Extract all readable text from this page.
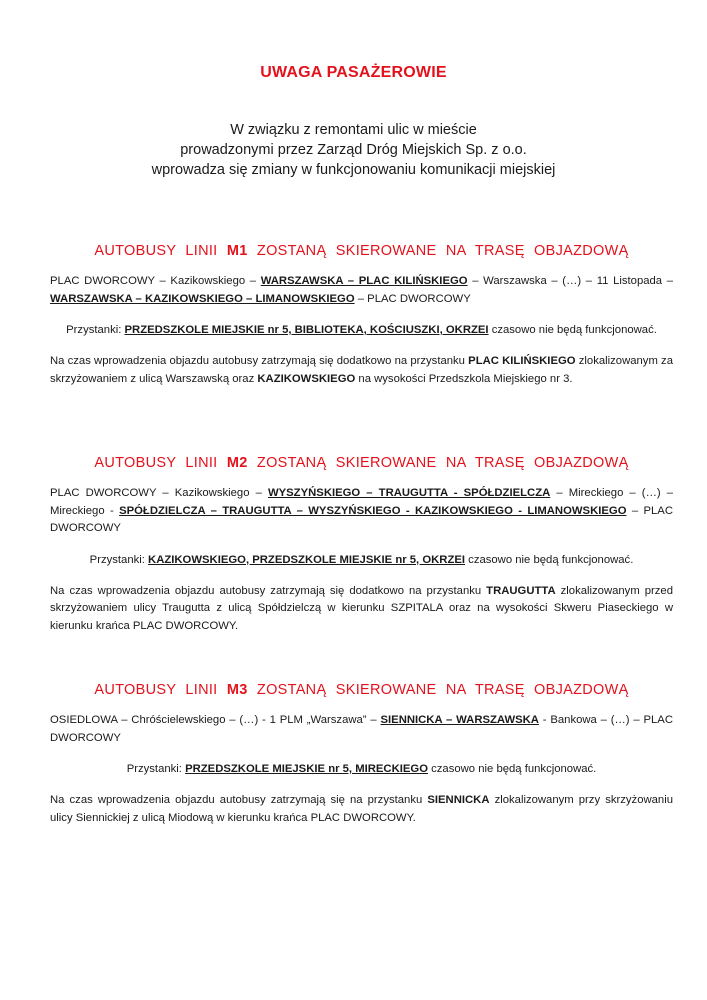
UWAGA PASAŻEROWIE
W związku z remontami ulic w mieście
prowadzonymi przez Zarząd Dróg Miejskich Sp. z o.o.
wprowadza się zmiany w funkcjonowaniu komunikacji miejskiej
AUTOBUSY LINII M1 ZOSTANĄ SKIEROWANE NA TRASĘ OBJAZDOWĄ
PLAC DWORCOWY – Kazikowskiego – WARSZAWSKA – PLAC KILIŃSKIEGO – Warszawska – (…) – 11 Listopada – WARSZAWSKA – KAZIKOWSKIEGO – LIMANOWSKIEGO – PLAC DWORCOWY
Przystanki: PRZEDSZKOLE MIEJSKIE nr 5, BIBLIOTEKA, KOŚCIUSZKI, OKRZEI czasowo nie będą funkcjonować.
Na czas wprowadzenia objazdu autobusy zatrzymają się dodatkowo na przystanku PLAC KILIŃSKIEGO zlokalizowanym za skrzyżowaniem z ulicą Warszawską oraz KAZIKOWSKIEGO na wysokości Przedszkola Miejskiego nr 3.
AUTOBUSY LINII M2 ZOSTANĄ SKIEROWANE NA TRASĘ OBJAZDOWĄ
PLAC DWORCOWY – Kazikowskiego – WYSZYŃSKIEGO – TRAUGUTTA - SPÓŁDZIELCZA – Mireckiego – (…) – Mireckiego - SPÓŁDZIELCZA – TRAUGUTTA – WYSZYŃSKIEGO - KAZIKOWSKIEGO - LIMANOWSKIEGO – PLAC DWORCOWY
Przystanki: KAZIKOWSKIEGO, PRZEDSZKOLE MIEJSKIE nr 5, OKRZEI czasowo nie będą funkcjonować.
Na czas wprowadzenia objazdu autobusy zatrzymają się dodatkowo na przystanku TRAUGUTTA zlokalizowanym przed skrzyżowaniem ulicy Traugutta z ulicą Spółdzielczą w kierunku SZPITALA oraz na wysokości Skweru Piaseckiego w kierunku krańca PLAC DWORCOWY.
AUTOBUSY LINII M3 ZOSTANĄ SKIEROWANE NA TRASĘ OBJAZDOWĄ
OSIEDLOWA – Chróścielewskiego – (…) - 1 PLM „Warszawa” – SIENNICKA – WARSZAWSKA - Bankowa – (…) – PLAC DWORCOWY
Przystanki: PRZEDSZKOLE MIEJSKIE nr 5, MIRECKIEGO czasowo nie będą funkcjonować.
Na czas wprowadzenia objazdu autobusy zatrzymają się na przystanku SIENNICKA zlokalizowanym przy skrzyżowaniu ulicy Siennickiej z ulicą Miodową w kierunku krańca PLAC DWORCOWY.
